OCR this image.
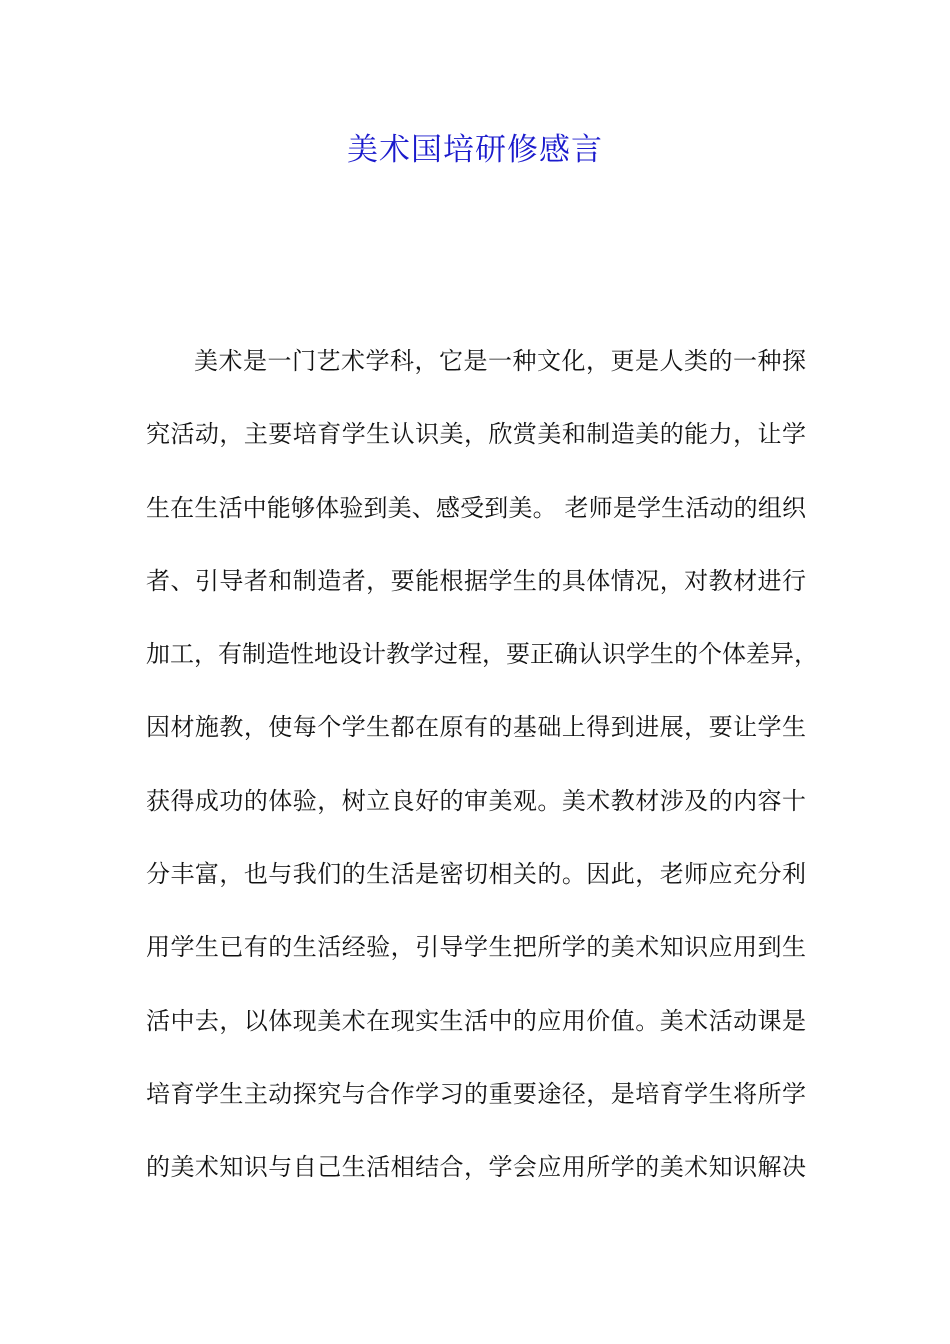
美术国培研修感言
美术是一门艺术学科，它是一种文化，更是人类的一种探
究活动，主要培育学生认识美，欣赏美和制造美的能力，让学
生在生活中能够体验到美、感受到美。 老师是学生活动的组织
者、引导者和制造者，要能根据学生的具体情况，对教材进行
加工，有制造性地设计教学过程，要正确认识学生的个体差异，
因材施教，使每个学生都在原有的基础上得到进展，要让学生
获得成功的体验，树立良好的审美观。美术教材涉及的内容十
分丰富，也与我们的生活是密切相关的。因此，老师应充分利
用学生已有的生活经验，引导学生把所学的美术知识应用到生
活中去，以体现美术在现实生活中的应用价值。美术活动课是
培育学生主动探究与合作学习的重要途径，是培育学生将所学
的美术知识与自己生活相结合，学会应用所学的美术知识解决
